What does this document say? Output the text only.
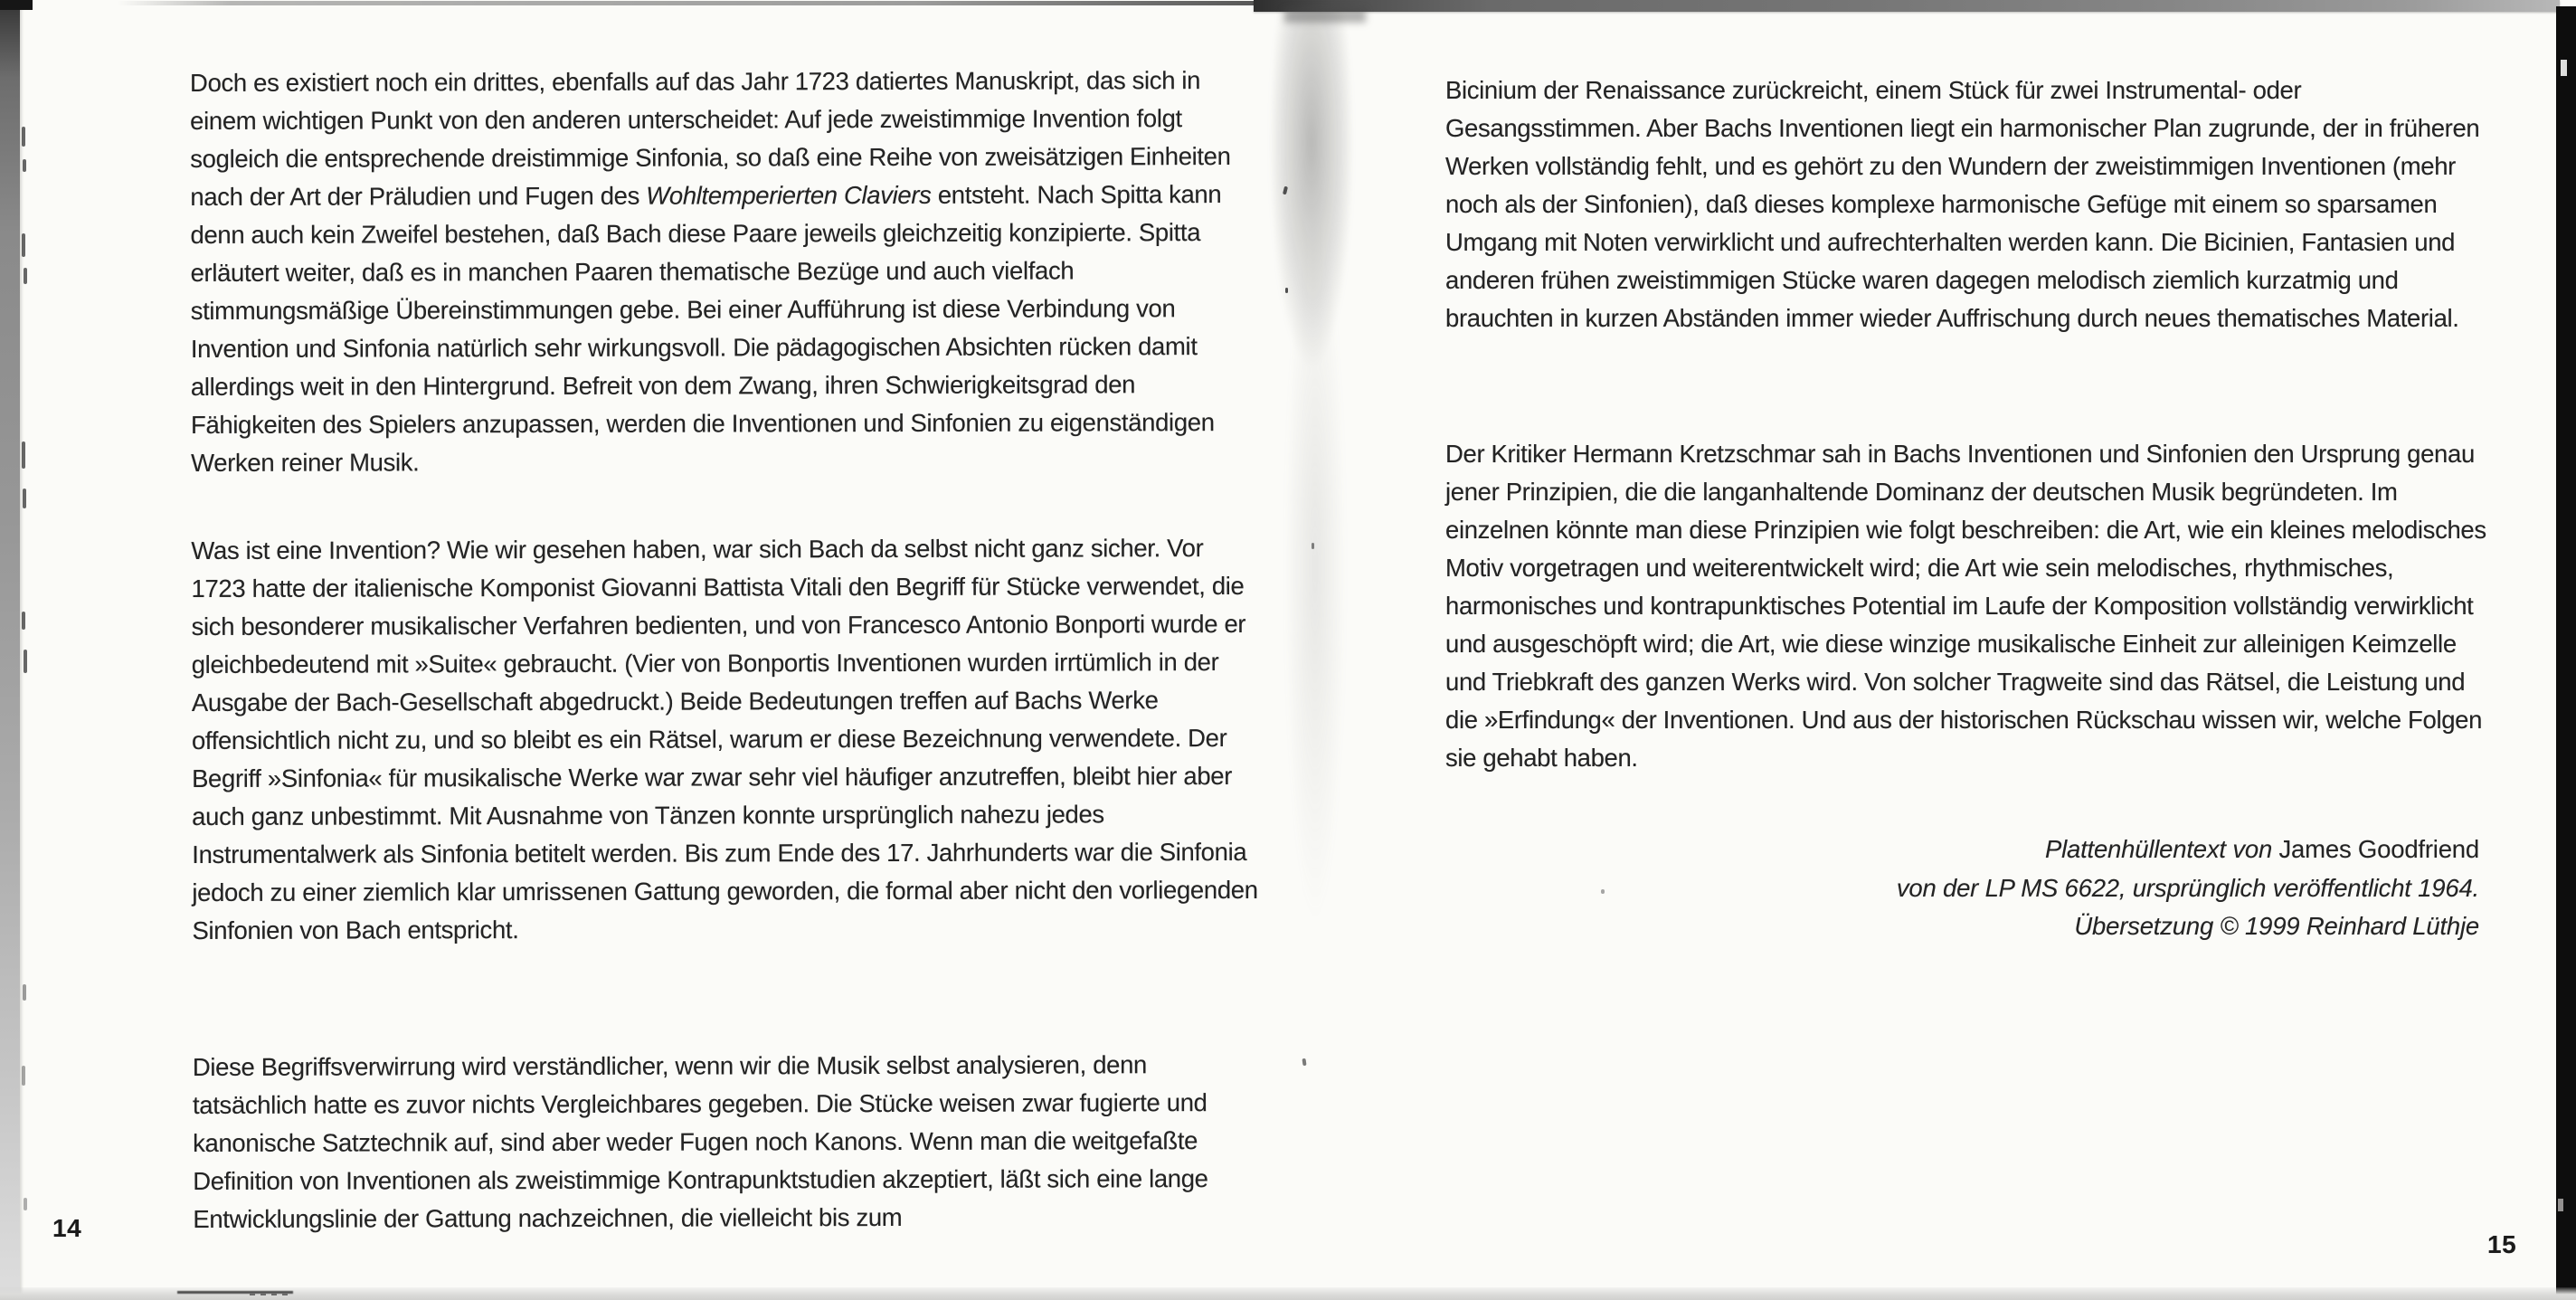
Doch es existiert noch ein drittes, ebenfalls auf das Jahr 1723 datiertes Manuskript, das sich in einem wichtigen Punkt von den anderen unterscheidet: Auf jede zweistimmige Invention folgt sogleich die entsprechende dreistimmige Sinfonia, so daß eine Reihe von zweisätzigen Einheiten nach der Art der Präludien und Fugen des Wohltemperierten Claviers entsteht. Nach Spitta kann denn auch kein Zweifel bestehen, daß Bach diese Paare jeweils gleichzeitig konzipierte. Spitta erläutert weiter, daß es in manchen Paaren thematische Bezüge und auch vielfach stimmungsmäßige Übereinstimmungen gebe. Bei einer Aufführung ist diese Verbindung von Invention und Sinfonia natürlich sehr wirkungsvoll. Die pädagogischen Absichten rücken damit allerdings weit in den Hintergrund. Befreit von dem Zwang, ihren Schwierigkeitsgrad den Fähigkeiten des Spielers anzupassen, werden die Inventionen und Sinfonien zu eigenständigen Werken reiner Musik.

Was ist eine Invention? Wie wir gesehen haben, war sich Bach da selbst nicht ganz sicher. Vor 1723 hatte der italienische Komponist Giovanni Battista Vitali den Begriff für Stücke verwendet, die sich besonderer musikalischer Verfahren bedienten, und von Francesco Antonio Bonporti wurde er gleichbedeutend mit »Suite« gebraucht. (Vier von Bonportis Inventionen wurden irrtümlich in der Ausgabe der Bach-Gesellschaft abgedruckt.) Beide Bedeutungen treffen auf Bachs Werke offensichtlich nicht zu, und so bleibt es ein Rätsel, warum er diese Bezeichnung verwendete. Der Begriff »Sinfonia« für musikalische Werke war zwar sehr viel häufiger anzutreffen, bleibt hier aber auch ganz unbestimmt. Mit Ausnahme von Tänzen konnte ursprünglich nahezu jedes Instrumentalwerk als Sinfonia betitelt werden. Bis zum Ende des 17. Jahrhunderts war die Sinfonia jedoch zu einer ziemlich klar umrissenen Gattung geworden, die formal aber nicht den vorliegenden Sinfonien von Bach entspricht.

Diese Begriffsverwirrung wird verständlicher, wenn wir die Musik selbst analysieren, denn tatsächlich hatte es zuvor nichts Vergleichbares gegeben. Die Stücke weisen zwar fugierte und kanonische Satztechnik auf, sind aber weder Fugen noch Kanons. Wenn man die weitgefaßte Definition von Inventionen als zweistimmige Kontrapunktstudien akzeptiert, läßt sich eine lange Entwicklungslinie der Gattung nachzeichnen, die vielleicht bis zum

14

Bicinium der Renaissance zurückreicht, einem Stück für zwei Instrumental- oder Gesangsstimmen. Aber Bachs Inventionen liegt ein harmonischer Plan zugrunde, der in früheren Werken vollständig fehlt, und es gehört zu den Wundern der zweistimmigen Inventionen (mehr noch als der Sinfonien), daß dieses komplexe harmonische Gefüge mit einem so sparsamen Umgang mit Noten verwirklicht und aufrechterhalten werden kann. Die Bicinien, Fantasien und anderen frühen zweistimmigen Stücke waren dagegen melodisch ziemlich kurzatmig und brauchten in kurzen Abständen immer wieder Auffrischung durch neues thematisches Material.

Der Kritiker Hermann Kretzschmar sah in Bachs Inventionen und Sinfonien den Ursprung genau jener Prinzipien, die die langanhaltende Dominanz der deutschen Musik begründeten. Im einzelnen könnte man diese Prinzipien wie folgt beschreiben: die Art, wie ein kleines melodisches Motiv vorgetragen und weiterentwickelt wird; die Art wie sein melodisches, rhythmisches, harmonisches und kontrapunktisches Potential im Laufe der Komposition vollständig verwirklicht und ausgeschöpft wird; die Art, wie diese winzige musikalische Einheit zur alleinigen Keimzelle und Triebkraft des ganzen Werks wird. Von solcher Tragweite sind das Rätsel, die Leistung und die »Erfindung« der Inventionen. Und aus der historischen Rückschau wissen wir, welche Folgen sie gehabt haben.

Plattenhüllentext von James Goodfriend

von der LP MS 6622, ursprünglich veröffentlicht 1964.

Übersetzung © 1999 Reinhard Lüthje

15
